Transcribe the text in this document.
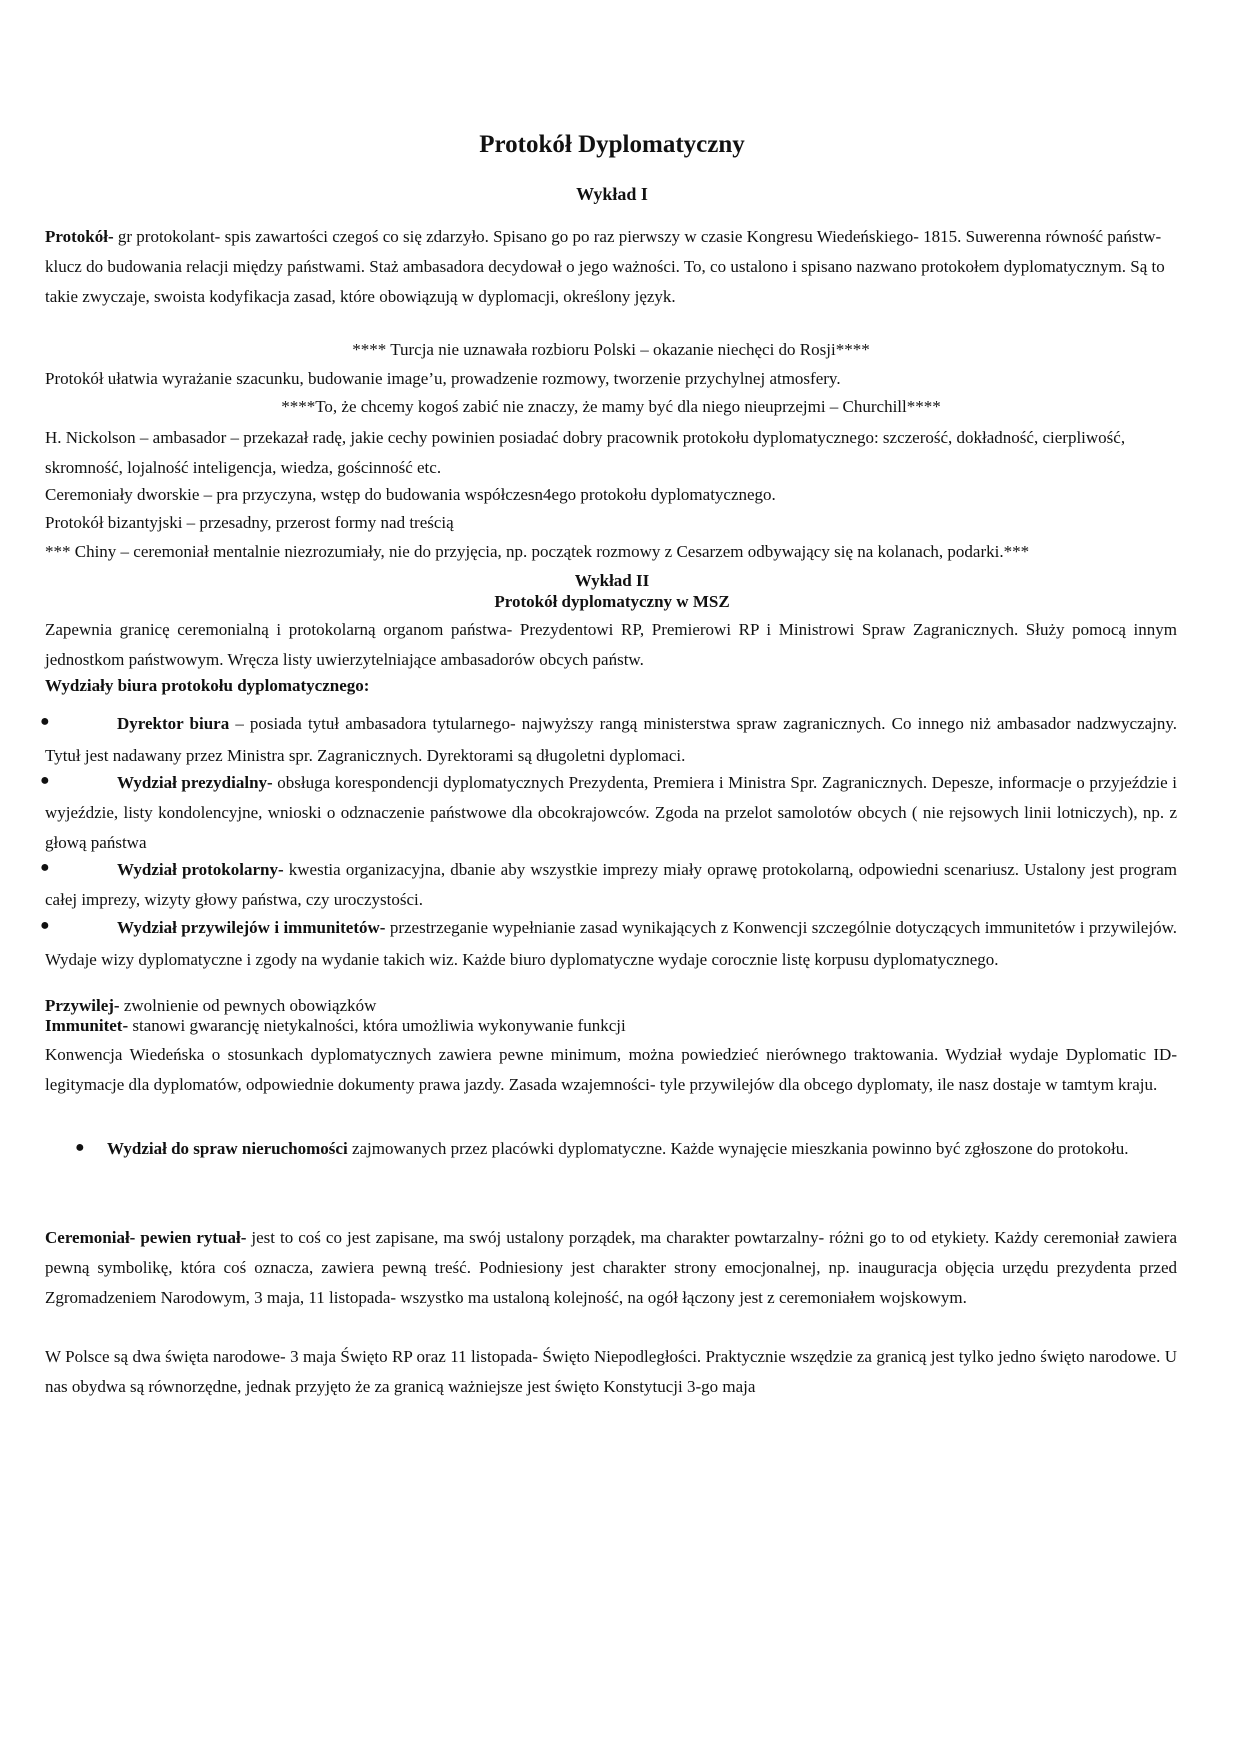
Protokół Dyplomatyczny
Wykład I

Protokół- gr protokolant- spis zawartości czegoś co się zdarzyło. Spisano go po raz pierwszy w czasie Kongresu Wiedeńskiego- 1815. Suwerenna równość państw- klucz do budowania relacji między państwami. Staż ambasadora decydował o jego ważności. To, co ustalono i spisano nazwano protokołem dyplomatycznym. Są to takie zwyczaje, swoista kodyfikacja zasad, które obowiązują w dyplomacji, określony język.

**** Turcja nie uznawała rozbioru Polski – okazanie niechęci do Rosji****

Protokół ułatwia wyrażanie szacunku, budowanie image’u, prowadzenie rozmowy, tworzenie przychylnej atmosfery.

****To, że chcemy kogoś zabić nie znaczy, że mamy być dla niego nieuprzejmi – Churchill****

H. Nickolson – ambasador – przekazał radę, jakie cechy powinien posiadać dobry pracownik protokołu dyplomatycznego: szczerość, dokładność, cierpliwość, skromność, lojalność inteligencja, wiedza, gościnność etc.

Ceremoniały dworskie – pra przyczyna, wstęp do budowania współczesn4ego protokołu dyplomatycznego.

Protokół bizantyjski – przesadny, przerost formy nad treścią

*** Chiny – ceremoniał mentalnie niezrozumiały, nie do przyjęcia, np. początek rozmowy z Cesarzem odbywający się na kolanach, podarki.***

Wykład II
Protokół dyplomatyczny w MSZ

Zapewnia granicę ceremonialną i protokolarną organom państwa- Prezydentowi RP, Premierowi RP i Ministrowi Spraw Zagranicznych. Służy pomocą innym jednostkom państwowym. Wręcza listy uwierzytelniające ambasadorów obcych państw.

Wydziały biura protokołu dyplomatycznego:

●	Dyrektor biura – posiada tytuł ambasadora tytularnego- najwyższy rangą ministerstwa spraw zagranicznych. Co innego niż ambasador nadzwyczajny. Tytuł jest nadawany przez Ministra spr. Zagranicznych. Dyrektorami są długoletni dyplomaci.

●	Wydział prezydialny- obsługa korespondencji dyplomatycznych Prezydenta, Premiera i Ministra Spr. Zagranicznych. Depesze, informacje o przyjeździe i wyjeździe, listy kondolencyjne, wnioski o odznaczenie państwowe dla obcokrajowców. Zgoda na przelot samolotów obcych ( nie rejsowych linii lotniczych), np. z głową państwa

●	Wydział protokolarny- kwestia organizacyjna, dbanie aby wszystkie imprezy miały oprawę protokolarną, odpowiedni scenariusz. Ustalony jest program całej imprezy, wizyty głowy państwa, czy uroczystości.

●	Wydział przywilejów i immunitetów- przestrzeganie wypełnianie zasad wynikających z Konwencji szczególnie dotyczących immunitetów i przywilejów. Wydaje wizy dyplomatyczne i zgody na wydanie takich wiz. Każde biuro dyplomatyczne wydaje corocznie listę korpusu dyplomatycznego.

Przywilej- zwolnienie od pewnych obowiązków

Immunitet- stanowi gwarancję nietykalności, która umożliwia wykonywanie funkcji

Konwencja Wiedeńska o stosunkach dyplomatycznych zawiera pewne minimum, można powiedzieć nierównego traktowania. Wydział wydaje Dyplomatic ID- legitymacje dla dyplomatów, odpowiednie dokumenty prawa jazdy. Zasada wzajemności- tyle przywilejów dla obcego dyplomaty, ile nasz dostaje w tamtym kraju.

● Wydział do spraw nieruchomości zajmowanych przez placówki dyplomatyczne. Każde wynajęcie mieszkania powinno być zgłoszone do protokołu.

Ceremoniał- pewien rytuał- jest to coś co jest zapisane, ma swój ustalony porządek, ma charakter powtarzalny- różni go to od etykiety. Każdy ceremoniał zawiera pewną symbolikę, która coś oznacza, zawiera pewną treść. Podniesiony jest charakter strony emocjonalnej, np. inauguracja objęcia urzędu prezydenta przed Zgromadzeniem Narodowym, 3 maja, 11 listopada- wszystko ma ustaloną kolejność, na ogół łączony jest z ceremoniałem wojskowym.

W Polsce są dwa święta narodowe- 3 maja Święto RP oraz 11 listopada- Święto Niepodległości. Praktycznie wszędzie za granicą jest tylko jedno święto narodowe. U nas obydwa są równorzędne, jednak przyjęto że za granicą ważniejsze jest święto Konstytucji 3-go maja
